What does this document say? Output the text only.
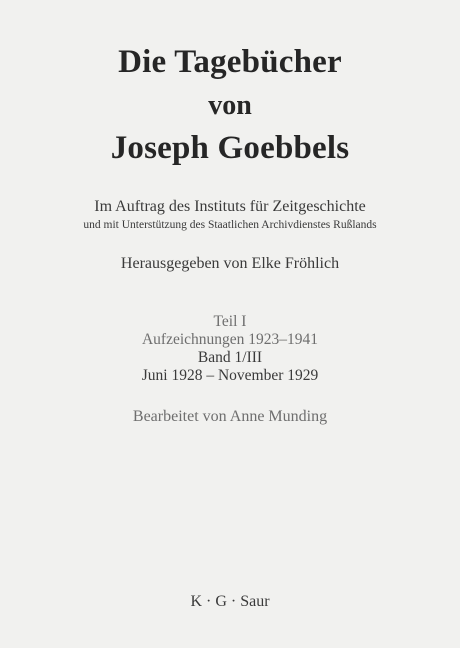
Die Tagebücher
von
Joseph Goebbels
Im Auftrag des Instituts für Zeitgeschichte
und mit Unterstützung des Staatlichen Archivdienstes Rußlands
Herausgegeben von Elke Fröhlich
Teil I
Aufzeichnungen 1923–1941
Band 1/III
Juni 1928 – November 1929
Bearbeitet von Anne Munding
K · G · Saur
